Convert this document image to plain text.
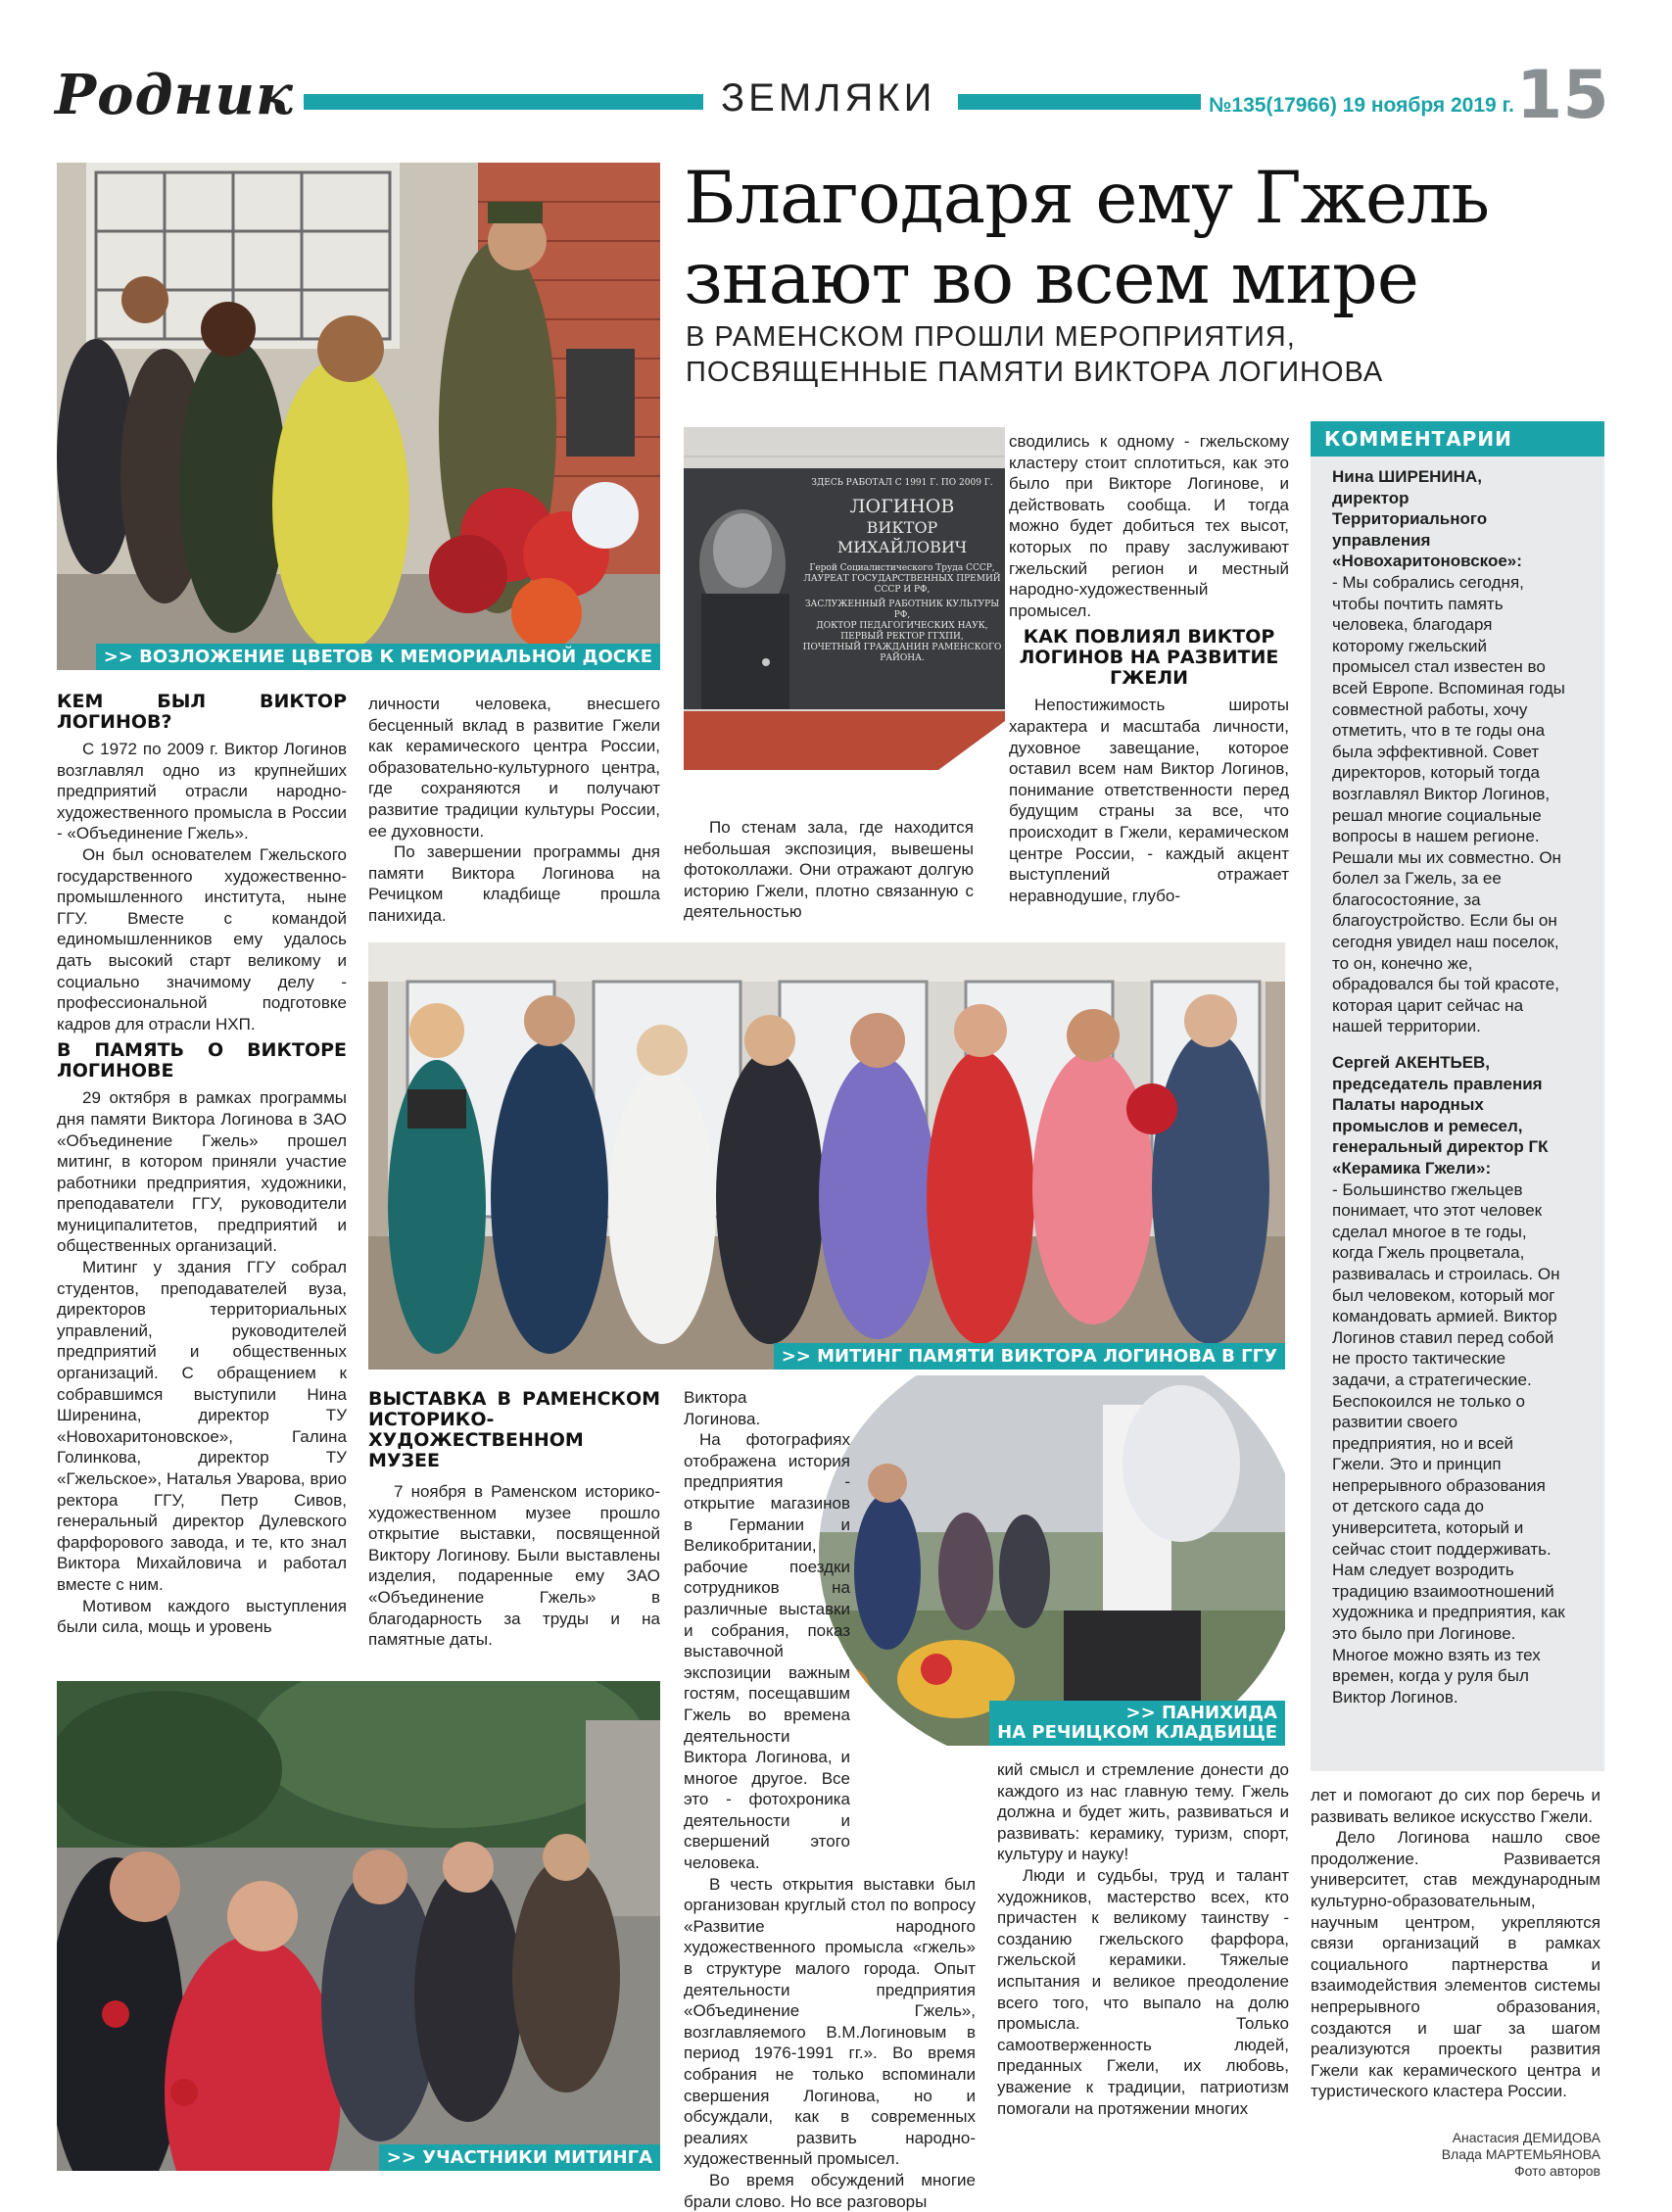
Родник	ЗЕМЛЯКИ	№135(17966) 19 ноября 2019 г. 15
Благодаря ему Гжель
знают во всем мире
В РАМЕНСКОМ ПРОШЛИ МЕРОПРИЯТИЯ,
ПОСВЯЩЕННЫЕ ПАМЯТИ ВИКТОРА ЛОГИНОВА
>> ВОЗЛОЖЕНИЕ ЦВЕТОВ К МЕМОРИАЛЬНОЙ ДОСКЕ
ЗДЕСЬ РАБОТАЛ С 1991 Г. ПО 2009 Г.
ЛОГИНОВ
ВИКТОР МИХАЙЛОВИЧ
Герой Социалистического Труда СССР,
ЛАУРЕАТ ГОСУДАРСТВЕННЫХ ПРЕМИЙ
СССР И РФ,
ЗАСЛУЖЕННЫЙ РАБОТНИК КУЛЬТУРЫ РФ,
ДОКТОР ПЕДАГОГИЧЕСКИХ НАУК,
ПЕРВЫЙ РЕКТОР ГГХПИ,
ПОЧЕТНЫЙ ГРАЖДАНИН РАМЕНСКОГО
РАЙОНА.
КЕМ БЫЛ ВИКТОР ЛОГИНОВ?

С 1972 по 2009 г. Виктор Логинов возглавлял одно из крупнейших предприятий отрасли народно-художественного промысла в России - «Объединение Гжель».

Он был основателем Гжельского государственного художественно-промышленного института, ныне ГГУ. Вместе с командой единомышленников ему удалось дать высокий старт великому и социально значимому делу - профессиональной подготовке кадров для отрасли НХП.

В ПАМЯТЬ О ВИКТОРЕ ЛОГИНОВЕ

29 октября в рамках программы дня памяти Виктора Логинова в ЗАО «Объединение Гжель» прошел митинг, в котором приняли участие работники предприятия, художники, преподаватели ГГУ, руководители муниципалитетов, предприятий и общественных организаций.

Митинг у здания ГГУ собрал студентов, преподавателей вуза, директоров территориальных управлений, руководителей предприятий и общественных организаций. С обращением к собравшимся выступили Нина Ширенина, директор ТУ «Новохаритоновское», Галина Голинкова, директор ТУ «Гжельское», Наталья Уварова, врио ректора ГГУ, Петр Сивов, генеральный директор Дулевского фарфорового завода, и те, кто знал Виктора Михайловича и работал вместе с ним.

Мотивом каждого выступления были сила, мощь и уровень

личности человека, внесшего бесценный вклад в развитие Гжели как керамического центра России, образовательно-культурного центра, где сохраняются и получают развитие традиции культуры России, ее духовности.

По завершении программы дня памяти Виктора Логинова на Речицком кладбище прошла панихида.

По стенам зала, где находится небольшая экспозиция, вывешены фотоколлажи. Они отражают долгую историю Гжели, плотно связанную с деятельностью

сводились к одному - гжельскому кластеру стоит сплотиться, как это было при Викторе Логинове, и действовать сообща. И тогда можно будет добиться тех высот, которых по праву заслуживают гжельский регион и местный народно-художественный промысел.

КАК ПОВЛИЯЛ ВИКТОР ЛОГИНОВ НА РАЗВИТИЕ ГЖЕЛИ

Непостижимость широты характера и масштаба личности, духовное завещание, которое оставил всем нам Виктор Логинов, понимание ответственности перед будущим страны за все, что происходит в Гжели, керамическом центре России, - каждый акцент выступлений отражает неравнодушие, глубо-

КОММЕНТАРИИ
Нина ШИРЕНИНА,
директор Территориального управления «Новохаритоновское»:
- Мы собрались сегодня, чтобы почтить память человека, благодаря которому гжельский промысел стал известен во всей Европе. Вспоминая годы совместной работы, хочу отметить, что в те годы она была эффективной. Совет директоров, который тогда возглавлял Виктор Логинов, решал многие социальные вопросы в нашем регионе. Решали мы их совместно. Он болел за Гжель, за ее благосостояние, за благоустройство. Если бы он сегодня увидел наш поселок, то он, конечно же, обрадовался бы той красоте, которая царит сейчас на нашей территории.
Сергей АКЕНТЬЕВ,
председатель правления Палаты народных промыслов и ремесел, генеральный директор ГК «Керамика Гжели»:
- Большинство гжельцев понимает, что этот человек сделал многое в те годы, когда Гжель процветала, развивалась и строилась. Он был человеком, который мог командовать армией. Виктор Логинов ставил перед собой не просто тактические задачи, а стратегические. Беспокоился не только о развитии своего предприятия, но и всей Гжели. Это и принцип непрерывного образования от детского сада до университета, который и сейчас стоит поддерживать. Нам следует возродить традицию взаимоотношений художника и предприятия, как это было при Логинове. Многое можно взять из тех времен, когда у руля был Виктор Логинов.
>> МИТИНГ ПАМЯТИ ВИКТОРА ЛОГИНОВА В ГГУ
ВЫСТАВКА В РАМЕНСКОМ ИСТОРИКО-ХУДОЖЕСТВЕННОМ МУЗЕЕ

7 ноября в Раменском историко-художественном музее прошло открытие выставки, посвященной Виктору Логинову. Были выставлены изделия, подаренные ему ЗАО «Объединение Гжель» в благодарность за труды и на памятные даты.

>> ПАНИХИДА
НА РЕЧИЦКОМ КЛАДБИЩЕ

Виктора Логинова.

На фотографиях отображена история предприятия - открытие магазинов в Германии и Великобритании, рабочие поездки сотрудников на различные выставки и собрания, показ выставочной экспозиции важным гостям, посещавшим Гжель во времена деятельности Виктора Логинова, и многое другое. Все это - фотохроника деятельности и свершений этого человека.

В честь открытия выставки был организован круглый стол по вопросу «Развитие народного художественного промысла «гжель» в структуре малого города. Опыт деятельности предприятия «Объединение Гжель», возглавляемого В.М.Логиновым в период 1976-1991 гг.». Во время собрания не только вспоминали свершения Логинова, но и обсуждали, как в современных реалиях развить народно-художественный промысел.

Во время обсуждений многие брали слово. Но все разговоры

>> УЧАСТНИКИ МИТИНГА

кий смысл и стремление донести до каждого из нас главную тему. Гжель должна и будет жить, развиваться и развивать: керамику, туризм, спорт, культуру и науку!

Люди и судьбы, труд и талант художников, мастерство всех, кто причастен к великому таинству - созданию гжельского фарфора, гжельской керамики. Тяжелые испытания и великое преодоление всего того, что выпало на долю промысла. Только самоотверженность людей, преданных Гжели, их любовь, уважение к традиции, патриотизм помогали на протяжении многих

лет и помогают до сих пор беречь и развивать великое искусство Гжели.

Дело Логинова нашло свое продолжение. Развивается университет, став международным культурно-образовательным, научным центром, укрепляются связи организаций в рамках социального партнерства и взаимодействия элементов системы непрерывного образования, создаются и шаг за шагом реализуются проекты развития Гжели как керамического центра и туристического кластера России.

Анастасия ДЕМИДОВА
Влада МАРТЕМЬЯНОВА
Фото авторов
